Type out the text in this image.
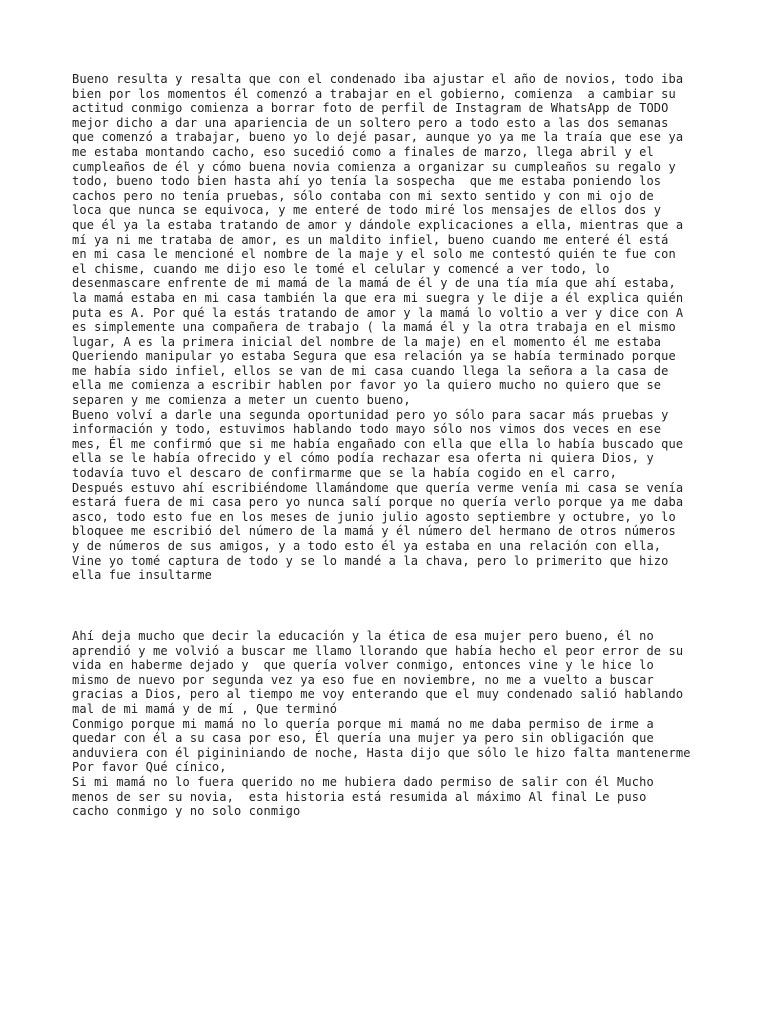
Bueno resulta y resalta que con el condenado iba ajustar el año de novios, todo iba
bien por los momentos él comenzó a trabajar en el gobierno, comienza  a cambiar su
actitud conmigo comienza a borrar foto de perfil de Instagram de WhatsApp de TODO
mejor dicho a dar una apariencia de un soltero pero a todo esto a las dos semanas
que comenzó a trabajar, bueno yo lo dejé pasar, aunque yo ya me la traía que ese ya
me estaba montando cacho, eso sucedió como a finales de marzo, llega abril y el
cumpleaños de él y cómo buena novia comienza a organizar su cumpleaños su regalo y
todo, bueno todo bien hasta ahí yo tenía la sospecha  que me estaba poniendo los
cachos pero no tenía pruebas, sólo contaba con mi sexto sentido y con mi ojo de
loca que nunca se equivoca, y me enteré de todo miré los mensajes de ellos dos y
que él ya la estaba tratando de amor y dándole explicaciones a ella, mientras que a
mí ya ni me trataba de amor, es un maldito infiel, bueno cuando me enteré él está
en mi casa le mencioné el nombre de la maje y el solo me contestó quién te fue con
el chisme, cuando me dijo eso le tomé el celular y comencé a ver todo, lo
desenmascare enfrente de mi mamá de la mamá de él y de una tía mía que ahí estaba,
la mamá estaba en mi casa también la que era mi suegra y le dije a él explica quién
puta es A. Por qué la estás tratando de amor y la mamá lo voltio a ver y dice con A
es simplemente una compañera de trabajo ( la mamá él y la otra trabaja en el mismo
lugar, A es la primera inicial del nombre de la maje) en el momento él me estaba
Queriendo manipular yo estaba Segura que esa relación ya se había terminado porque
me había sido infiel, ellos se van de mi casa cuando llega la señora a la casa de
ella me comienza a escribir hablen por favor yo la quiero mucho no quiero que se
separen y me comienza a meter un cuento bueno,
Bueno volví a darle una segunda oportunidad pero yo sólo para sacar más pruebas y
información y todo, estuvimos hablando todo mayo sólo nos vimos dos veces en ese
mes, Él me confirmó que si me había engañado con ella que ella lo había buscado que
ella se le había ofrecido y el cómo podía rechazar esa oferta ni quiera Dios, y
todavía tuvo el descaro de confirmarme que se la había cogido en el carro,
Después estuvo ahí escribiéndome llamándome que quería verme venía mi casa se venía
estará fuera de mi casa pero yo nunca salí porque no quería verlo porque ya me daba
asco, todo esto fue en los meses de junio julio agosto septiembre y octubre, yo lo
bloquee me escribió del número de la mamá y él número del hermano de otros números
y de números de sus amigos, y a todo esto él ya estaba en una relación con ella,
Vine yo tomé captura de todo y se lo mandé a la chava, pero lo primerito que hizo
ella fue insultarme

Ahí deja mucho que decir la educación y la ética de esa mujer pero bueno, él no
aprendió y me volvió a buscar me llamo llorando que había hecho el peor error de su
vida en haberme dejado y  que quería volver conmigo, entonces vine y le hice lo
mismo de nuevo por segunda vez ya eso fue en noviembre, no me a vuelto a buscar
gracias a Dios, pero al tiempo me voy enterando que el muy condenado salió hablando
mal de mi mamá y de mí , Que terminó
Conmigo porque mi mamá no lo quería porque mi mamá no me daba permiso de irme a
quedar con él a su casa por eso, Él quería una mujer ya pero sin obligación que
anduviera con él pigininiando de noche, Hasta dijo que sólo le hizo falta mantenerme
Por favor Qué cínico,
Si mi mamá no lo fuera querido no me hubiera dado permiso de salir con él Mucho
menos de ser su novia,  esta historia está resumida al máximo Al final Le puso
cacho conmigo y no solo conmigo
